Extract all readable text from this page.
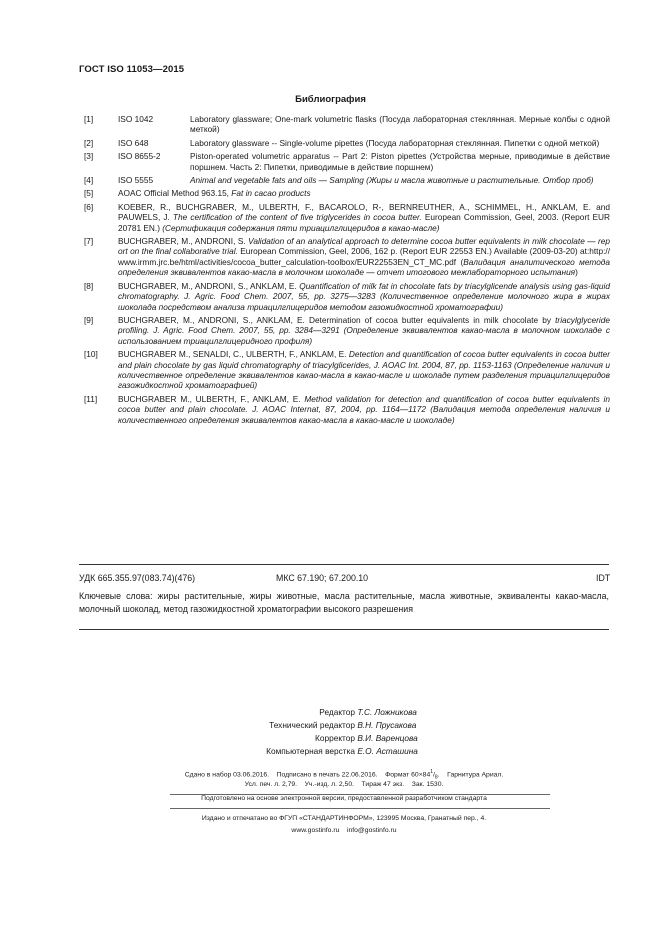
ГОСТ ISO 11053—2015
Библиография
[1]	ISO 1042	Laboratory glassware; One-mark volumetric flasks (Посуда лабораторная стеклянная. Мерные колбы с одной меткой)
[2]	ISO 648	Laboratory glassware -- Single-volume pipettes (Посуда лабораторная стеклянная. Пипетки с одной меткой)
[3]	ISO 8655-2	Piston-operated volumetric apparatus -- Part 2: Piston pipettes (Устройства мерные, приводимые в действие поршнем. Часть 2: Пипетки, приводимые в действие поршнем)
[4]	ISO 5555	Animal and vegetable fats and oils — Sampling (Жиры и масла животные и растительные. Отбор проб)
[5]	AOAC Official Method 963.15, Fat in cacao products
[6]	KOEBER, R., BUCHGRABER, M., ULBERTH, F., BACAROLO, R-, BERNREUTHER, A., SCHIMMEL, H., ANKLAM, E. and PAUWELS, J. The certification of the content of five triglycerides in cocoa butter. European Commission, Geel, 2003. (Report EUR 20781 EN.) (Сертификация содержания пяти триацилглицеридов в какао-масле)
[7]	BUCHGRABER, M., ANDRONI, S. Validation of an analytical approach to determine cocoa butter equivalents in milk chocolate — report on the final collaborative trial. European Commission, Geel, 2006, 162 p. (Report EUR 22553 EN.) Available (2009-03-20) at:http://www.irmm.jrc.be/html/activities/cocoa_butter_calculation-toolbox/EUR22553EN_CT_MC.pdf (Валидация аналитического метода определения эквивалентов какао-масла в молочном шоколаде — отчет итогового межлабораторного испытания)
[8]	BUCHGRABER, M., ANDRONI, S., ANKLAM, E. Quantification of milk fat in chocolate fats by triacylglicende analysis using gas-liquid chromatography. J. Agric. Food Chem. 2007, 55, pp. 3275—3283 (Количественное определение молочного жира в жирах шоколада посредством анализа триацилглицеридов методом газожидкостной хроматографии)
[9]	BUCHGRABER, M., ANDRONI, S., ANKLAM, E. Determination of cocoa butter equivalents in milk chocolate by triacylglyceride profiling. J. Agric. Food Chem. 2007, 55, pp. 3284—3291 (Определение эквивалентов какао-масла в молочном шоколаде с использованием триацилглицеридного профиля)
[10] BUCHGRABER M., SENALDI, C., ULBERTH, F., ANKLAM, E. Detection and quantification of cocoa butter equivalents in cocoa butter and plain chocolate by gas liquid chromatography of triacylglicerides, J. AOAC Int. 2004, 87, pp. 1153-1163 (Определение наличия и количественное определение эквивалентов какао-масла в какао-масле и шоколаде путем разделения триацилглицеридов газожидкостной хроматографией)
[11]	BUCHGRABER M., ULBERTH, F., ANKLAM, E. Method validation for detection and quantification of cocoa butter equivalents in cocoa butter and plain chocolate. J. AOAC Internat, 87, 2004, pp. 1164—1172 (Валидация метода определения наличия и количественного определения эквивалентов какао-масла в какао-масле и шоколаде)
УДК 665.355.97(083.74)(476)	МКС 67.190; 67.200.10	IDT
Ключевые слова: жиры растительные, жиры животные, масла растительные, масла животные, эквиваленты какао-масла, молочный шоколад, метод газожидкостной хроматографии высокого разрешения
Редактор Т.С. Ложникова
Технический редактор В.Н. Прусакова
Корректор В.И. Варенцова
Компьютерная верстка Е.О. Асташина
Сдано в набор 03.06.2016.    Подписано в печать 22.06.2016.    Формат $60\times 84^1/_8$.    Гарнитура Ариал.
Усл. печ. л. 2,79.    Уч.-изд. л. 2,50.    Тираж 47 экз.    Зак. 1530.
Подготовлено на основе электронной версии, предоставленной разработчиком стандарта
Издано и отпечатано во ФГУП «СТАНДАРТИНФОРМ», 123995 Москва, Гранатный пер., 4.
www.gostinfo.ru    info@gostinfo.ru
